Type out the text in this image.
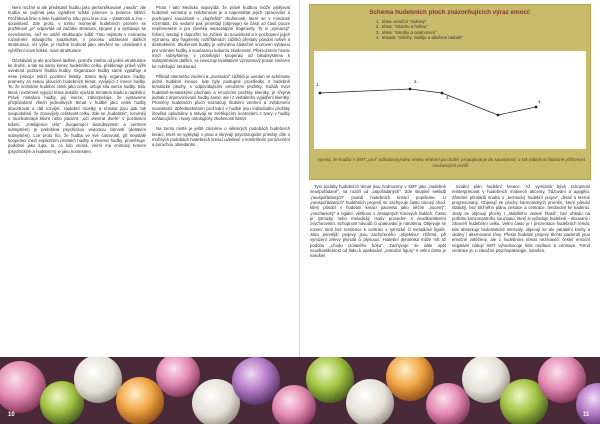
Není možné si ale představit hudbu jako personifikované „neudo“, ale hudba se pojímat jako vyjádření lidské potence a potence lidství. Prožitková linie a linie hudebního toku jsou linie zou – vlastnosti a znu – souvislostí. Zde proto, v tomto momentě hudebních proměn se prožitkové „je“ odpovídá od začátku struktura, spojení ji a vystavuje se neznámému, než se ustálí strukturace lidští. Tuto nejistotu v momentu rozvolnění stávajícího kvazilidství, v procesu ustálování dalších strukturace, víz výše, je možné hodnotit jako otevření se, očekávání a vyhlížení nové lidské, nové strukturace.

Očekávání je ale pozitivně laděné, protože změnu od jedné strukturace ke druhé, a tak na samy konec hudebního celku, překlenuje právě výše uvedená pozitivní finalita hudby. Organizace hudby samé vyjadřuje a nese principi tvůrčí pozitivní finality. Sama tedy organizace hudby, prameny za sebou jdoucích hudebních témat, vyvíjející z inerce hudby. To, že vnímáme hudební celek jako celek, určuje síla inerce hudby. Síla, která i extrémně vyjející téma dokáže vyvázat tématem kladu a naplnění. Právě metaforu hudby, její inerce, zabezpečuje, že vystaveme přizpůsobení všech jednotlivých témat v hudbě jako celek hudby aboorbovat a dál rozvíjet. Hudební mostky a témata jsou pak tak soupodobné, že zneuvíjely celistvost celku. Zde se „hudebník“, rozumějí v muzikoterapii klient nebo pacient, „učí otevírat dveře“ v pozitivním tušení. „Inteligence téla“ (kooperující biosubsystem a centrem subsystém) je prebírána psychickou vedomou činností (detstvím subsystém). Lze proto říci, že hudba ve své časovosti, při neustálé kooperaci mezi explicitním prostém hudby a imvenci hudby, proměnuje, podobné jako lupa, to, co kdo vnímá, vnímí má vnímavý tvarem (psychickým a hudebním) je jako kontextem.

Proto i tato Medicko napovídá, že právě hudbou může ostějovat hudebně vnímaný a zvědomovat je a napomáhat jejich zpracování a pochopení souvislostí v „dopřežité“ zkušenosti, které se v minulosti rozmítala. Do vedomí pak promítají (objevuje) se části od časů pouze nepřenesené a pro člověka neprostupné fragmenty. Ty si „vymazují“ řešení, tendují k doprožití, ke zvčlení do souvislostí a k pochopení jejich významu, aby fragmenty roztříštěnách zážitků přestaly působit rušivě a destruktivně. Zkušenost hudby je ovlivněna částečně vnoroven vybavou pro vnímání hudby a současnou kulturou zkušenosti. Překročením hranic mezi subsystémy, v probíhající kooperaci od bisubsystému k subsystémům dalším, se navozuje kvalitativní významový posun směrem ke zvětšující strukturaci.

Příklad nitermého vnoření a „zcelování“ zážitků je uveden ve schématu jedné hudební kreace, kde byly postupně prostředky 4 hudebně tematické plochy, s odpovídajícími emočními prožitky. Každá mezi hudebně-tematickými plochami a emočními prožitky klientky, je zřejmá jednak z improvizované hudby samé, ale i z verbálního vyjádření klientky. Proměny hudebních ploch naznačují hlubinní vnoření a zvědomění souvislostí. Zpředmetněním prožívání v hudbě jsou individuální prožitky člověka oplodněny a stávají se zvětšujícími kontextem z tvary v hudby uchlacujícími, i tvary ontologicky zkušenosti lidství.

Na tomto místě je ještě zmíníme o některých podobách hudebních kreací, které se vyskytují v praxi a skrývají psychologické primáty, díle o možných podobách hudebních kreací uvědené v konkrétním porozumění a poruchou obsedantní.

Schéma hudebních ploch znázorňujících výraz emocí:
1. téma: emoční "radosty"
2. téma: "strachu a hněvu"
3. téma: "smutku a osamocení"
4. témata: "útěchy, naděje a důvěrné radosti"
1.
2.
3.
4.
Vyvstá, že hudba v SMT „umí“ odhalovat jednu vrstvu vědomí po druhé, propojovat je do souvislostí, a tak odkrývat hlubinné příčinnost současných potíží.

Tyto podoby hudebních témat jsou hodnoceny v SMT jako „hudebně neuspořádané“, na rozdíl od „uspořádaných“. Zde skupině neklidů „neuspořádaných“ podob hudebních kreací popíšeme. U „neuspořádaných“ hudebních projevů se zachycuje často tónový chod, který působí v hudební kreaci pacienta jako něčím „nucený“, „mechanický“ a rigidní, většinou v zestupných tónových řadách. Často je rytmicky nebo melodický motiv proveden s neodkontilením zvychnovním. Schopnost návodů či opakování je narušena. Objevuje se rozsev tónů bez tendence k centraci v rytmické či melodické figuře. Jako jemnější projevy jsou zachyťeného „objektivu“ ztížená, při vymizení zvlevy plynulá či plynoucí. Hudební dynamika může mít až podobu „chodu izolaného bóku“. Zachycuje se dále opět neodkontilentost od tlaku k opakování „ontraiční figury“ s velmi často je narušen

tonální plán hudební kreace. Až vymizelá bývá schopnost reinterpretovat v hudebních motivech akcenty, frázování a agogiku. Zřetelné převládá snaha o „technický hudební projev“, detail a kterné progresovaný. Objevují se plochy harmonických proměn, které působí statický, bez běžného plánu cestace a centrace, tendování ke kadenci. Jindy se objevují plochy i „stabilního vedení hlasů“, bez ohledu na potřebu konzonantního souzvuku, který si vyžaduje hudebně – slouvaný i zároveň hudebním celku. Velmi často je i prezentace hudebních témat, kde absentuje hedonistické intervaly, objevují se ale paralelní kvinty a oktávy i alternované tóny. Přesto hudební projevy těchto pacientů jsou emočně zatěženy, ale z hudebními témat nezsouvičí čeství emoční negativní nábojí SMT vyhodnocuje limit oscilace a centrace. Trend centrace je, u závažné psychopatologie, narušen.

10	11
